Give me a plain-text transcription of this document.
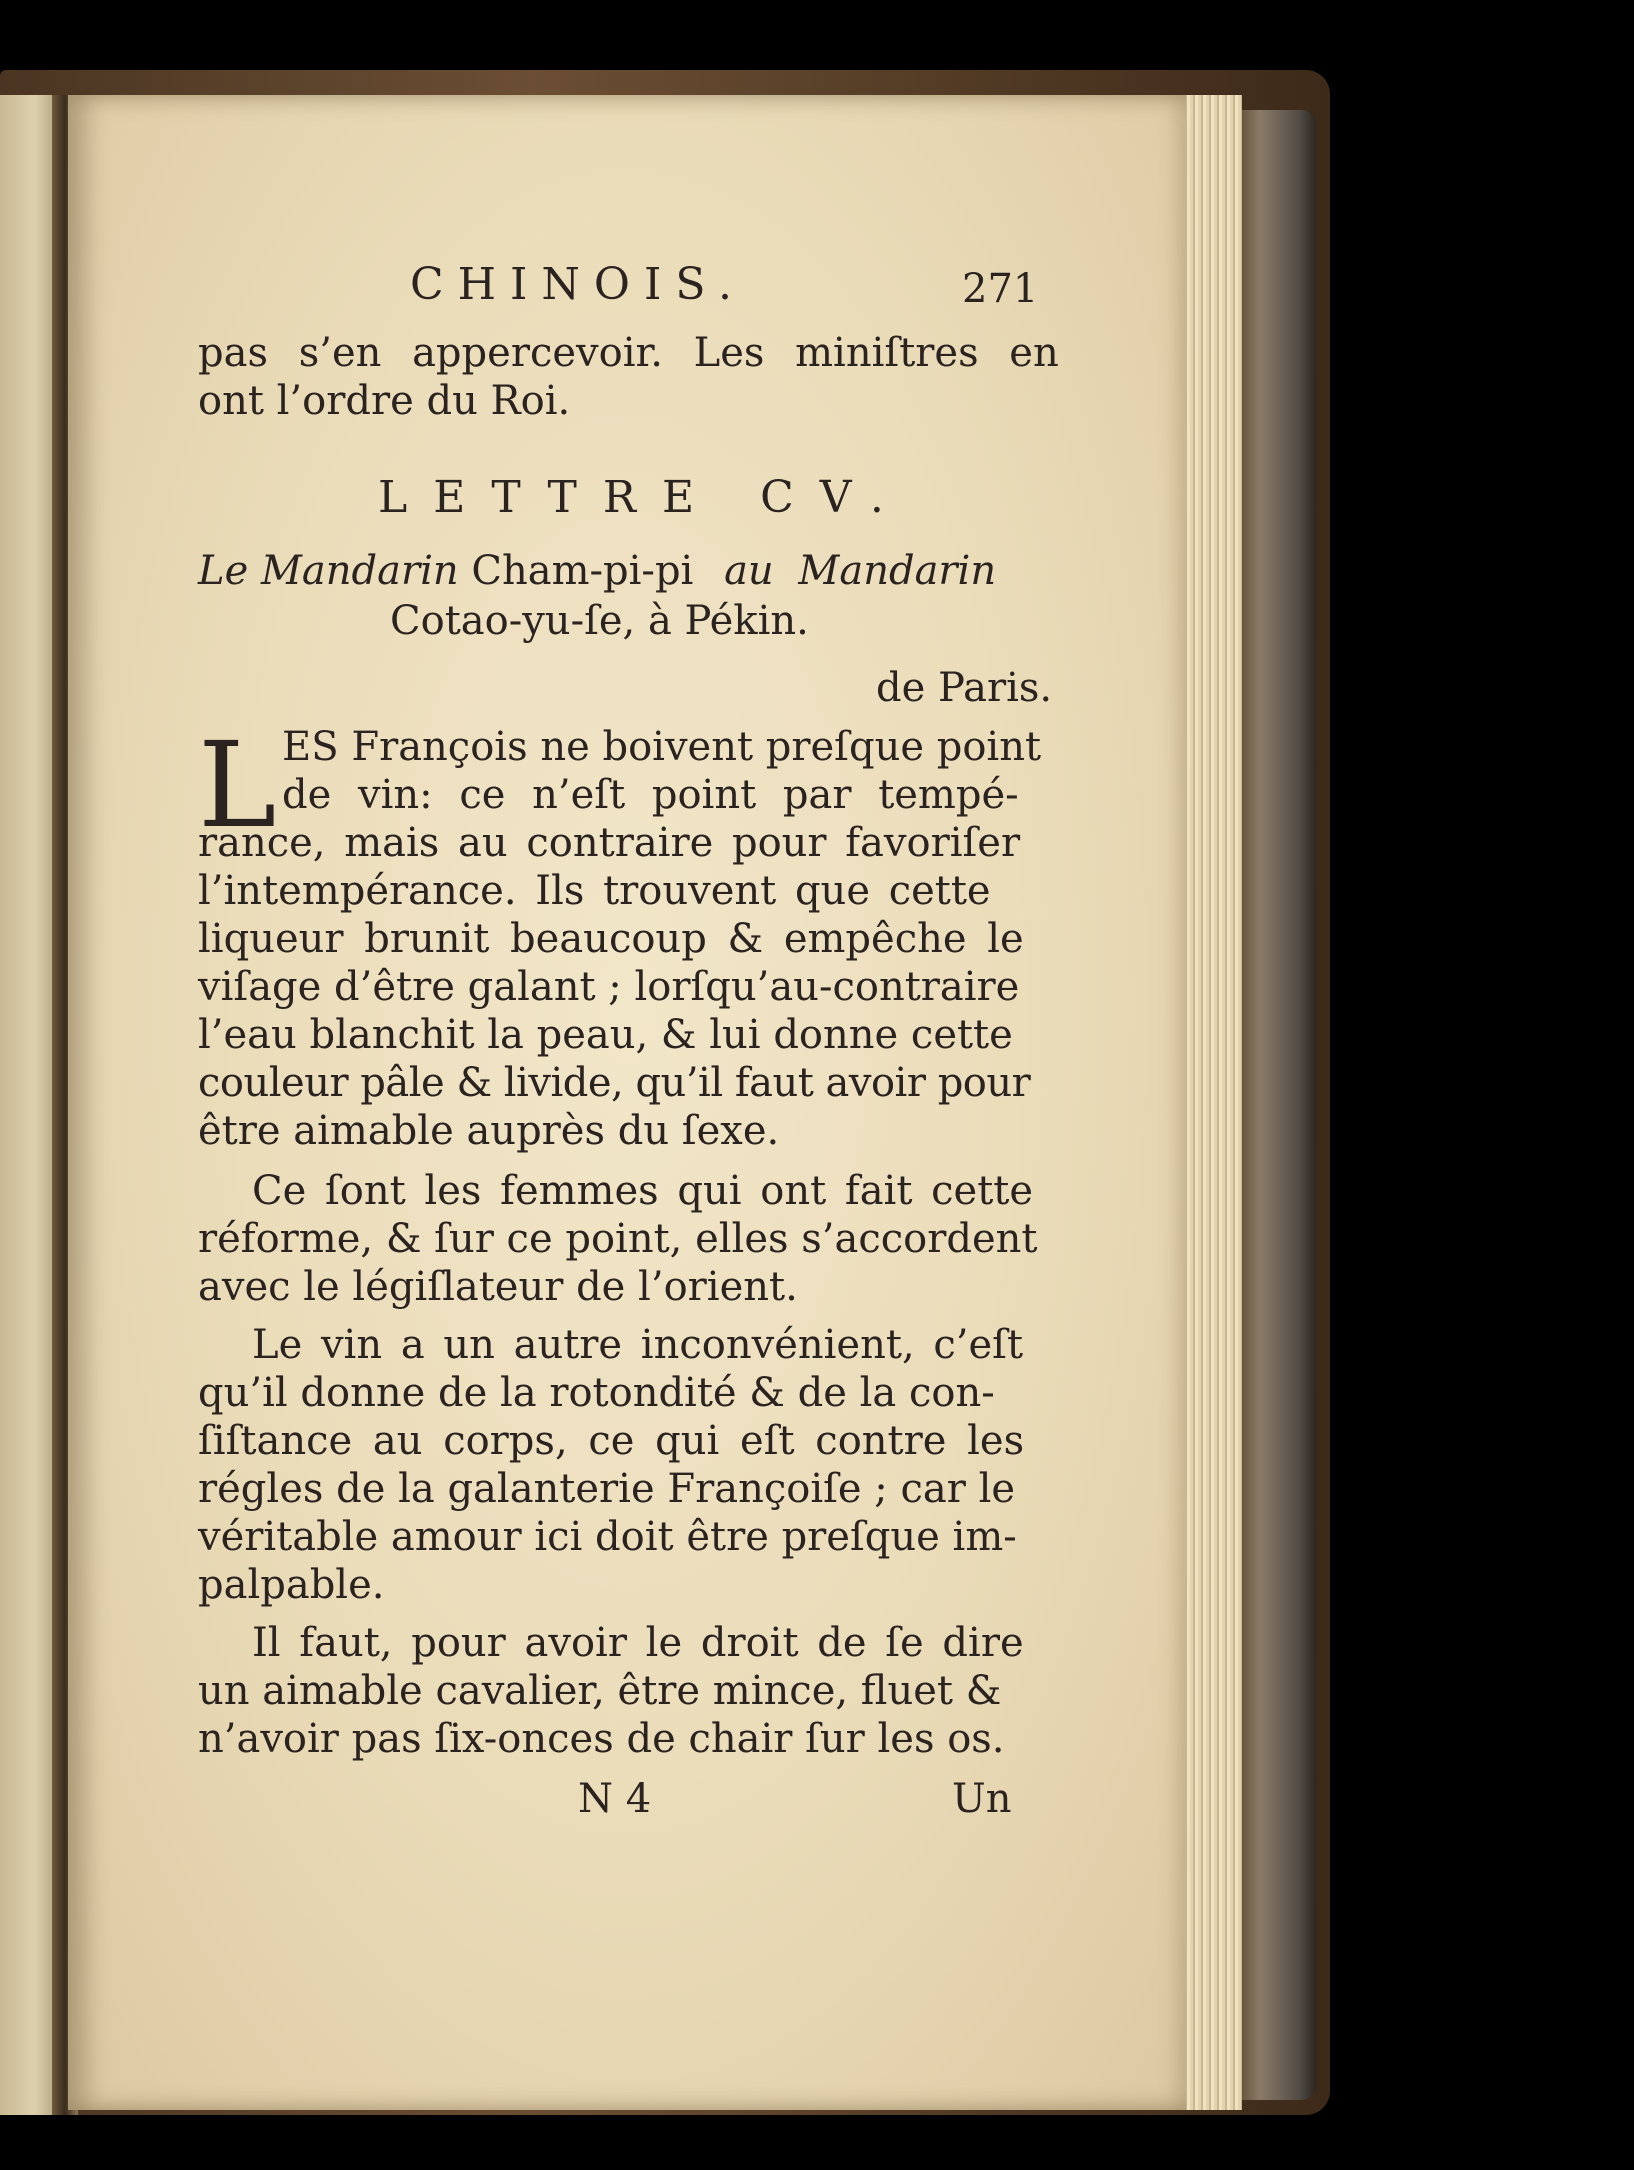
CHINOIS.	271
pas s’en appercevoir. Les miniſtres en
ont l’ordre du Roi.
LETTRE CV.
Le Mandarin Cham-pi-pi au Mandarin
Cotao-yu-ſe, à Pékin.
de Paris.
L ES François ne boivent preſque point
de vin: ce n’eſt point par tempé-
rance, mais au contraire pour favoriſer
l’intempérance. Ils trouvent que cette
liqueur brunit beaucoup & empêche le
viſage d’être galant ; lorſqu’au-contraire
l’eau blanchit la peau, & lui donne cette
couleur pâle & livide, qu’il faut avoir pour
être aimable auprès du ſexe.
Ce ſont les femmes qui ont fait cette
réforme, & ſur ce point, elles s’accordent
avec le légiſlateur de l’orient.
Le vin a un autre inconvénient, c’eſt
qu’il donne de la rotondité & de la con-
ſiſtance au corps, ce qui eſt contre les
régles de la galanterie Françoiſe ; car le
véritable amour ici doit être preſque im-
palpable.
Il faut, pour avoir le droit de ſe dire
un aimable cavalier, être mince, fluet &
n’avoir pas ſix-onces de chair ſur les os.
N 4	Un
